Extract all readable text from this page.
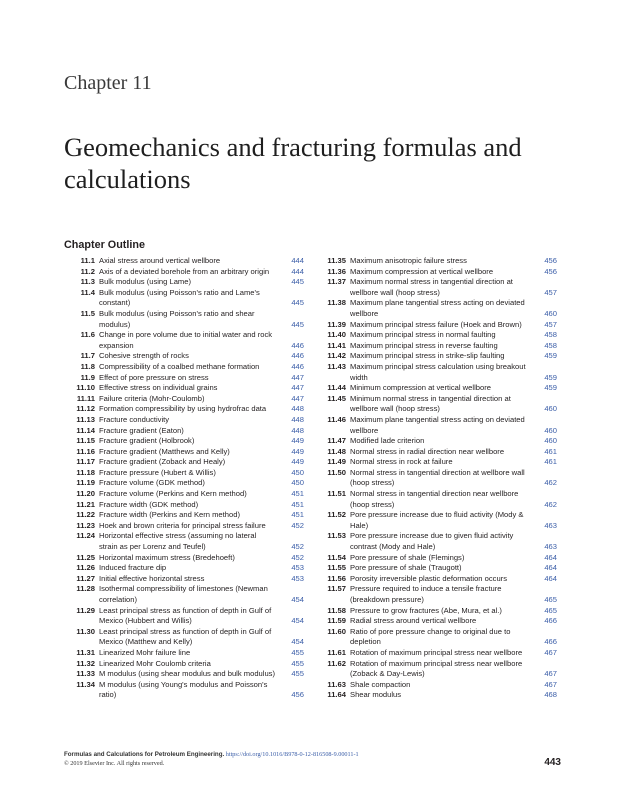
Chapter 11
Geomechanics and fracturing formulas and calculations
Chapter Outline
11.1 Axial stress around vertical wellbore	444
11.2 Axis of a deviated borehole from an arbitrary origin	444
11.3 Bulk modulus (using Lame)	445
11.4 Bulk modulus (using Poisson's ratio and Lame's constant)	445
11.5 Bulk modulus (using Poisson's ratio and shear modulus)	445
11.6 Change in pore volume due to initial water and rock expansion	446
11.7 Cohesive strength of rocks	446
11.8 Compressibility of a coalbed methane formation	446
11.9 Effect of pore pressure on stress	447
11.10 Effective stress on individual grains	447
11.11 Failure criteria (Mohr-Coulomb)	447
11.12 Formation compressibility by using hydrofrac data	448
11.13 Fracture conductivity	448
11.14 Fracture gradient (Eaton)	448
11.15 Fracture gradient (Holbrook)	449
11.16 Fracture gradient (Matthews and Kelly)	449
11.17 Fracture gradient (Zoback and Healy)	449
11.18 Fracture pressure (Hubert & Willis)	450
11.19 Fracture volume (GDK method)	450
11.20 Fracture volume (Perkins and Kern method)	451
11.21 Fracture width (GDK method)	451
11.22 Fracture width (Perkins and Kern method)	451
11.23 Hoek and brown criteria for principal stress failure	452
11.24 Horizontal effective stress (assuming no lateral strain as per Lorenz and Teufel)	452
11.25 Horizontal maximum stress (Bredehoeft)	452
11.26 Induced fracture dip	453
11.27 Initial effective horizontal stress	453
11.28 Isothermal compressibility of limestones (Newman correlation)	454
11.29 Least principal stress as function of depth in Gulf of Mexico (Hubbert and Willis)	454
11.30 Least principal stress as function of depth in Gulf of Mexico (Matthew and Kelly)	454
11.31 Linearized Mohr failure line	455
11.32 Linearized Mohr Coulomb criteria	455
11.33 M modulus (using shear modulus and bulk modulus) 455
11.34 M modulus (using Young's modulus and Poisson's ratio)	456
11.35 Maximum anisotropic failure stress	456
11.36 Maximum compression at vertical wellbore	456
11.37 Maximum normal stress in tangential direction at wellbore wall (hoop stress)	457
11.38 Maximum plane tangential stress acting on deviated wellbore	460
11.39 Maximum principal stress failure (Hoek and Brown)	457
11.40 Maximum principal stress in normal faulting	458
11.41 Maximum principal stress in reverse faulting	458
11.42 Maximum principal stress in strike-slip faulting	459
11.43 Maximum principal stress calculation using breakout width	459
11.44 Minimum compression at vertical wellbore	459
11.45 Minimum normal stress in tangential direction at wellbore wall (hoop stress)	460
11.46 Maximum plane tangential stress acting on deviated wellbore	460
11.47 Modified lade criterion	460
11.48 Normal stress in radial direction near wellbore	461
11.49 Normal stress in rock at failure	461
11.50 Normal stress in tangential direction at wellbore wall (hoop stress)	462
11.51 Normal stress in tangential direction near wellbore (hoop stress)	462
11.52 Pore pressure increase due to fluid activity (Mody & Hale)	463
11.53 Pore pressure increase due to given fluid activity contrast (Mody and Hale)	463
11.54 Pore pressure of shale (Flemings)	464
11.55 Pore pressure of shale (Traugott)	464
11.56 Porosity irreversible plastic deformation occurs	464
11.57 Pressure required to induce a tensile fracture (breakdown pressure)	465
11.58 Pressure to grow fractures (Abe, Mura, et al.)	465
11.59 Radial stress around vertical wellbore	466
11.60 Ratio of pore pressure change to original due to depletion	466
11.61 Rotation of maximum principal stress near wellbore	467
11.62 Rotation of maximum principal stress near wellbore (Zoback & Day-Lewis)	467
11.63 Shale compaction	467
11.64 Shear modulus	468
Formulas and Calculations for Petroleum Engineering. https://doi.org/10.1016/B978-0-12-816508-9.00011-1
© 2019 Elsevier Inc. All rights reserved.	443
